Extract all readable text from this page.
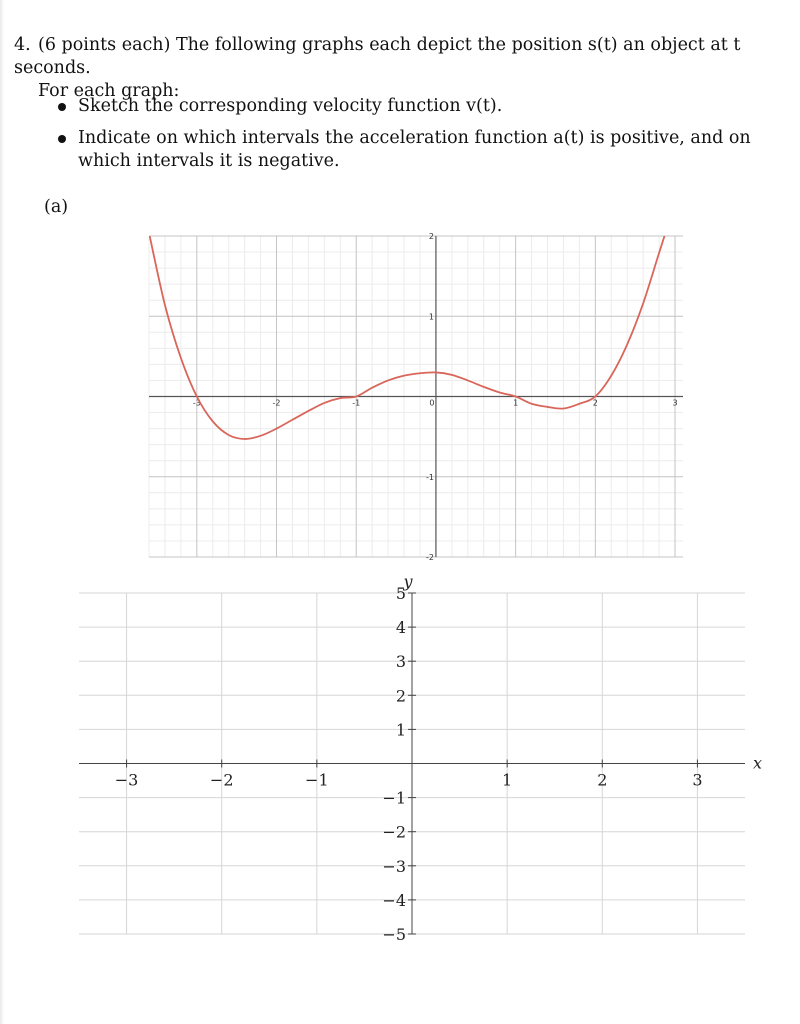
4. (6 points each) The following graphs each depict the position s(t) an object at t seconds.
For each graph:
Sketch the corresponding velocity function v(t).
Indicate on which intervals the acceleration function a(t) is positive, and on which intervals it is negative.
(a)
-3	-2	-1	0	1	2	3
-2
-1
1
2
−3	−2	−1	1	2	3
5
4
3
2
1
−1
−2
−3
−4
−5
x
y
